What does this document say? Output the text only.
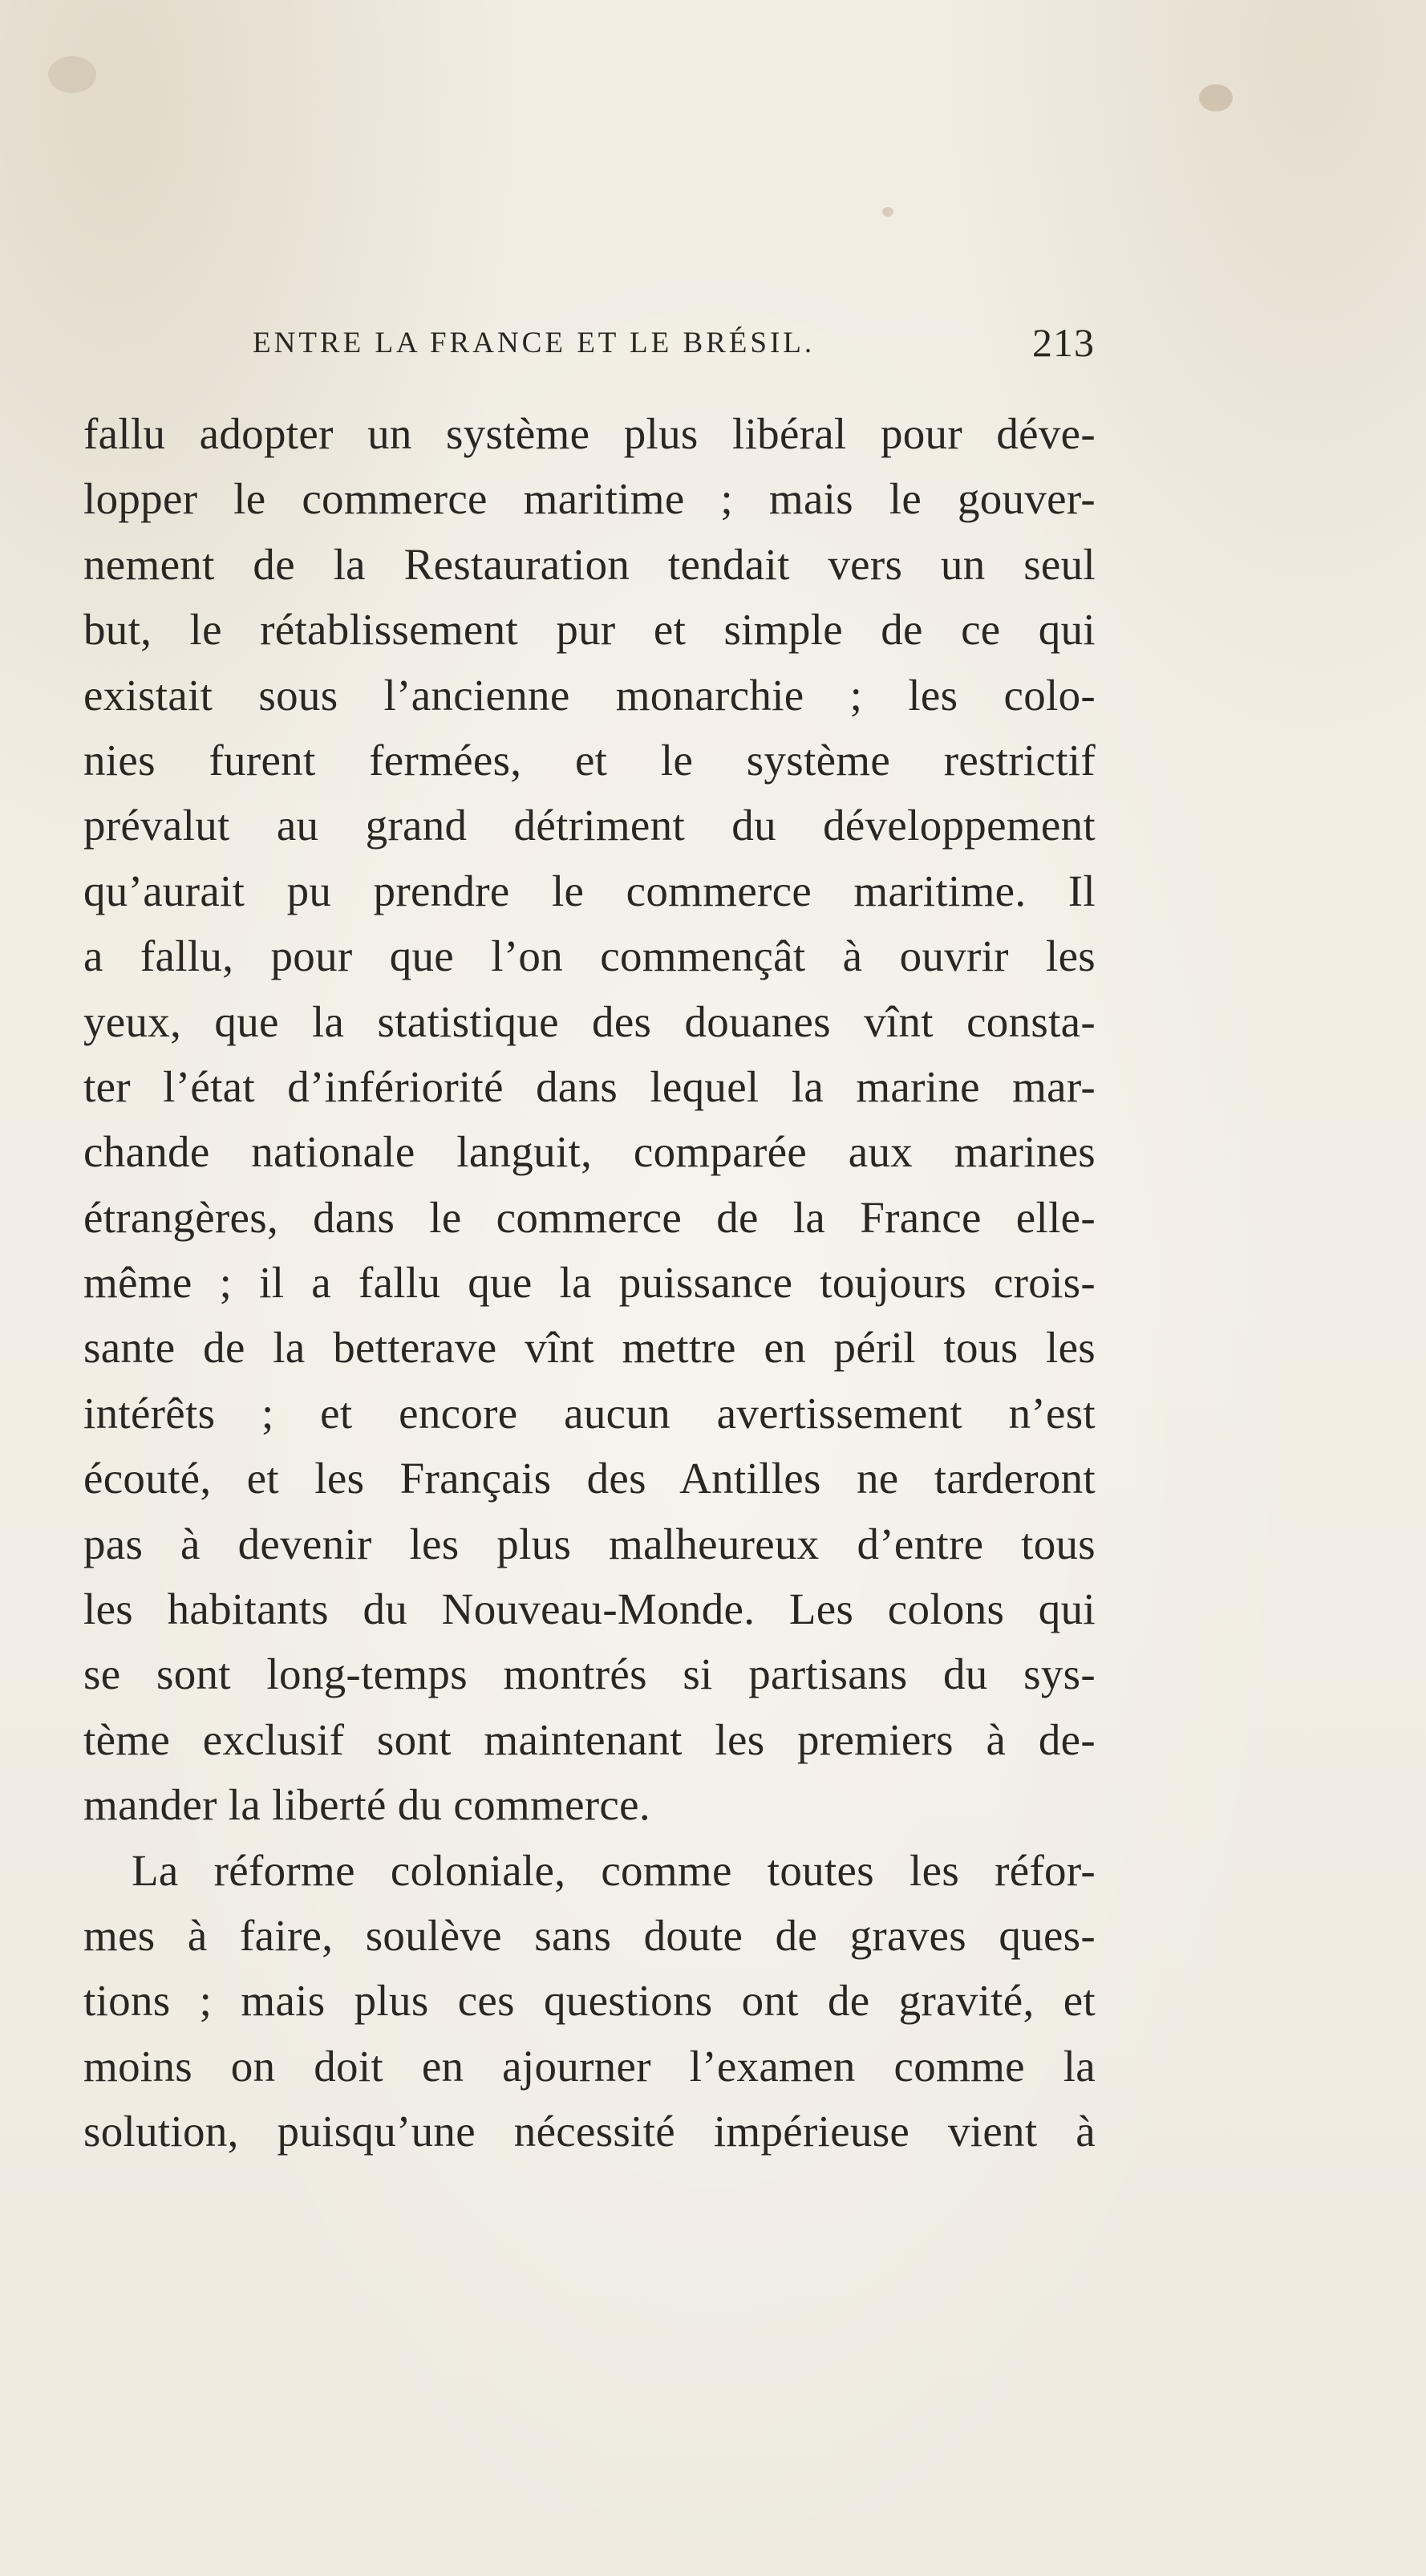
ENTRE LA FRANCE ET LE BRÉSIL.	213
fallu adopter un système plus libéral pour déve-
lopper le commerce maritime ; mais le gouver-
nement de la Restauration tendait vers un seul
but, le rétablissement pur et simple de ce qui
existait sous l’ancienne monarchie ; les colo-
nies furent fermées, et le système restrictif
prévalut au grand détriment du développement
qu’aurait pu prendre le commerce maritime. Il
a fallu, pour que l’on commençât à ouvrir les
yeux, que la statistique des douanes vînt consta-
ter l’état d’infériorité dans lequel la marine mar-
chande nationale languit, comparée aux marines
étrangères, dans le commerce de la France elle-
même ; il a fallu que la puissance toujours crois-
sante de la betterave vînt mettre en péril tous les
intérêts ; et encore aucun avertissement n’est
écouté, et les Français des Antilles ne tarderont
pas à devenir les plus malheureux d’entre tous
les habitants du Nouveau-Monde. Les colons qui
se sont long-temps montrés si partisans du sys-
tème exclusif sont maintenant les premiers à de-
mander la liberté du commerce.
La réforme coloniale, comme toutes les réfor-
mes à faire, soulève sans doute de graves ques-
tions ; mais plus ces questions ont de gravité, et
moins on doit en ajourner l’examen comme la
solution, puisqu’une nécessité impérieuse vient à
